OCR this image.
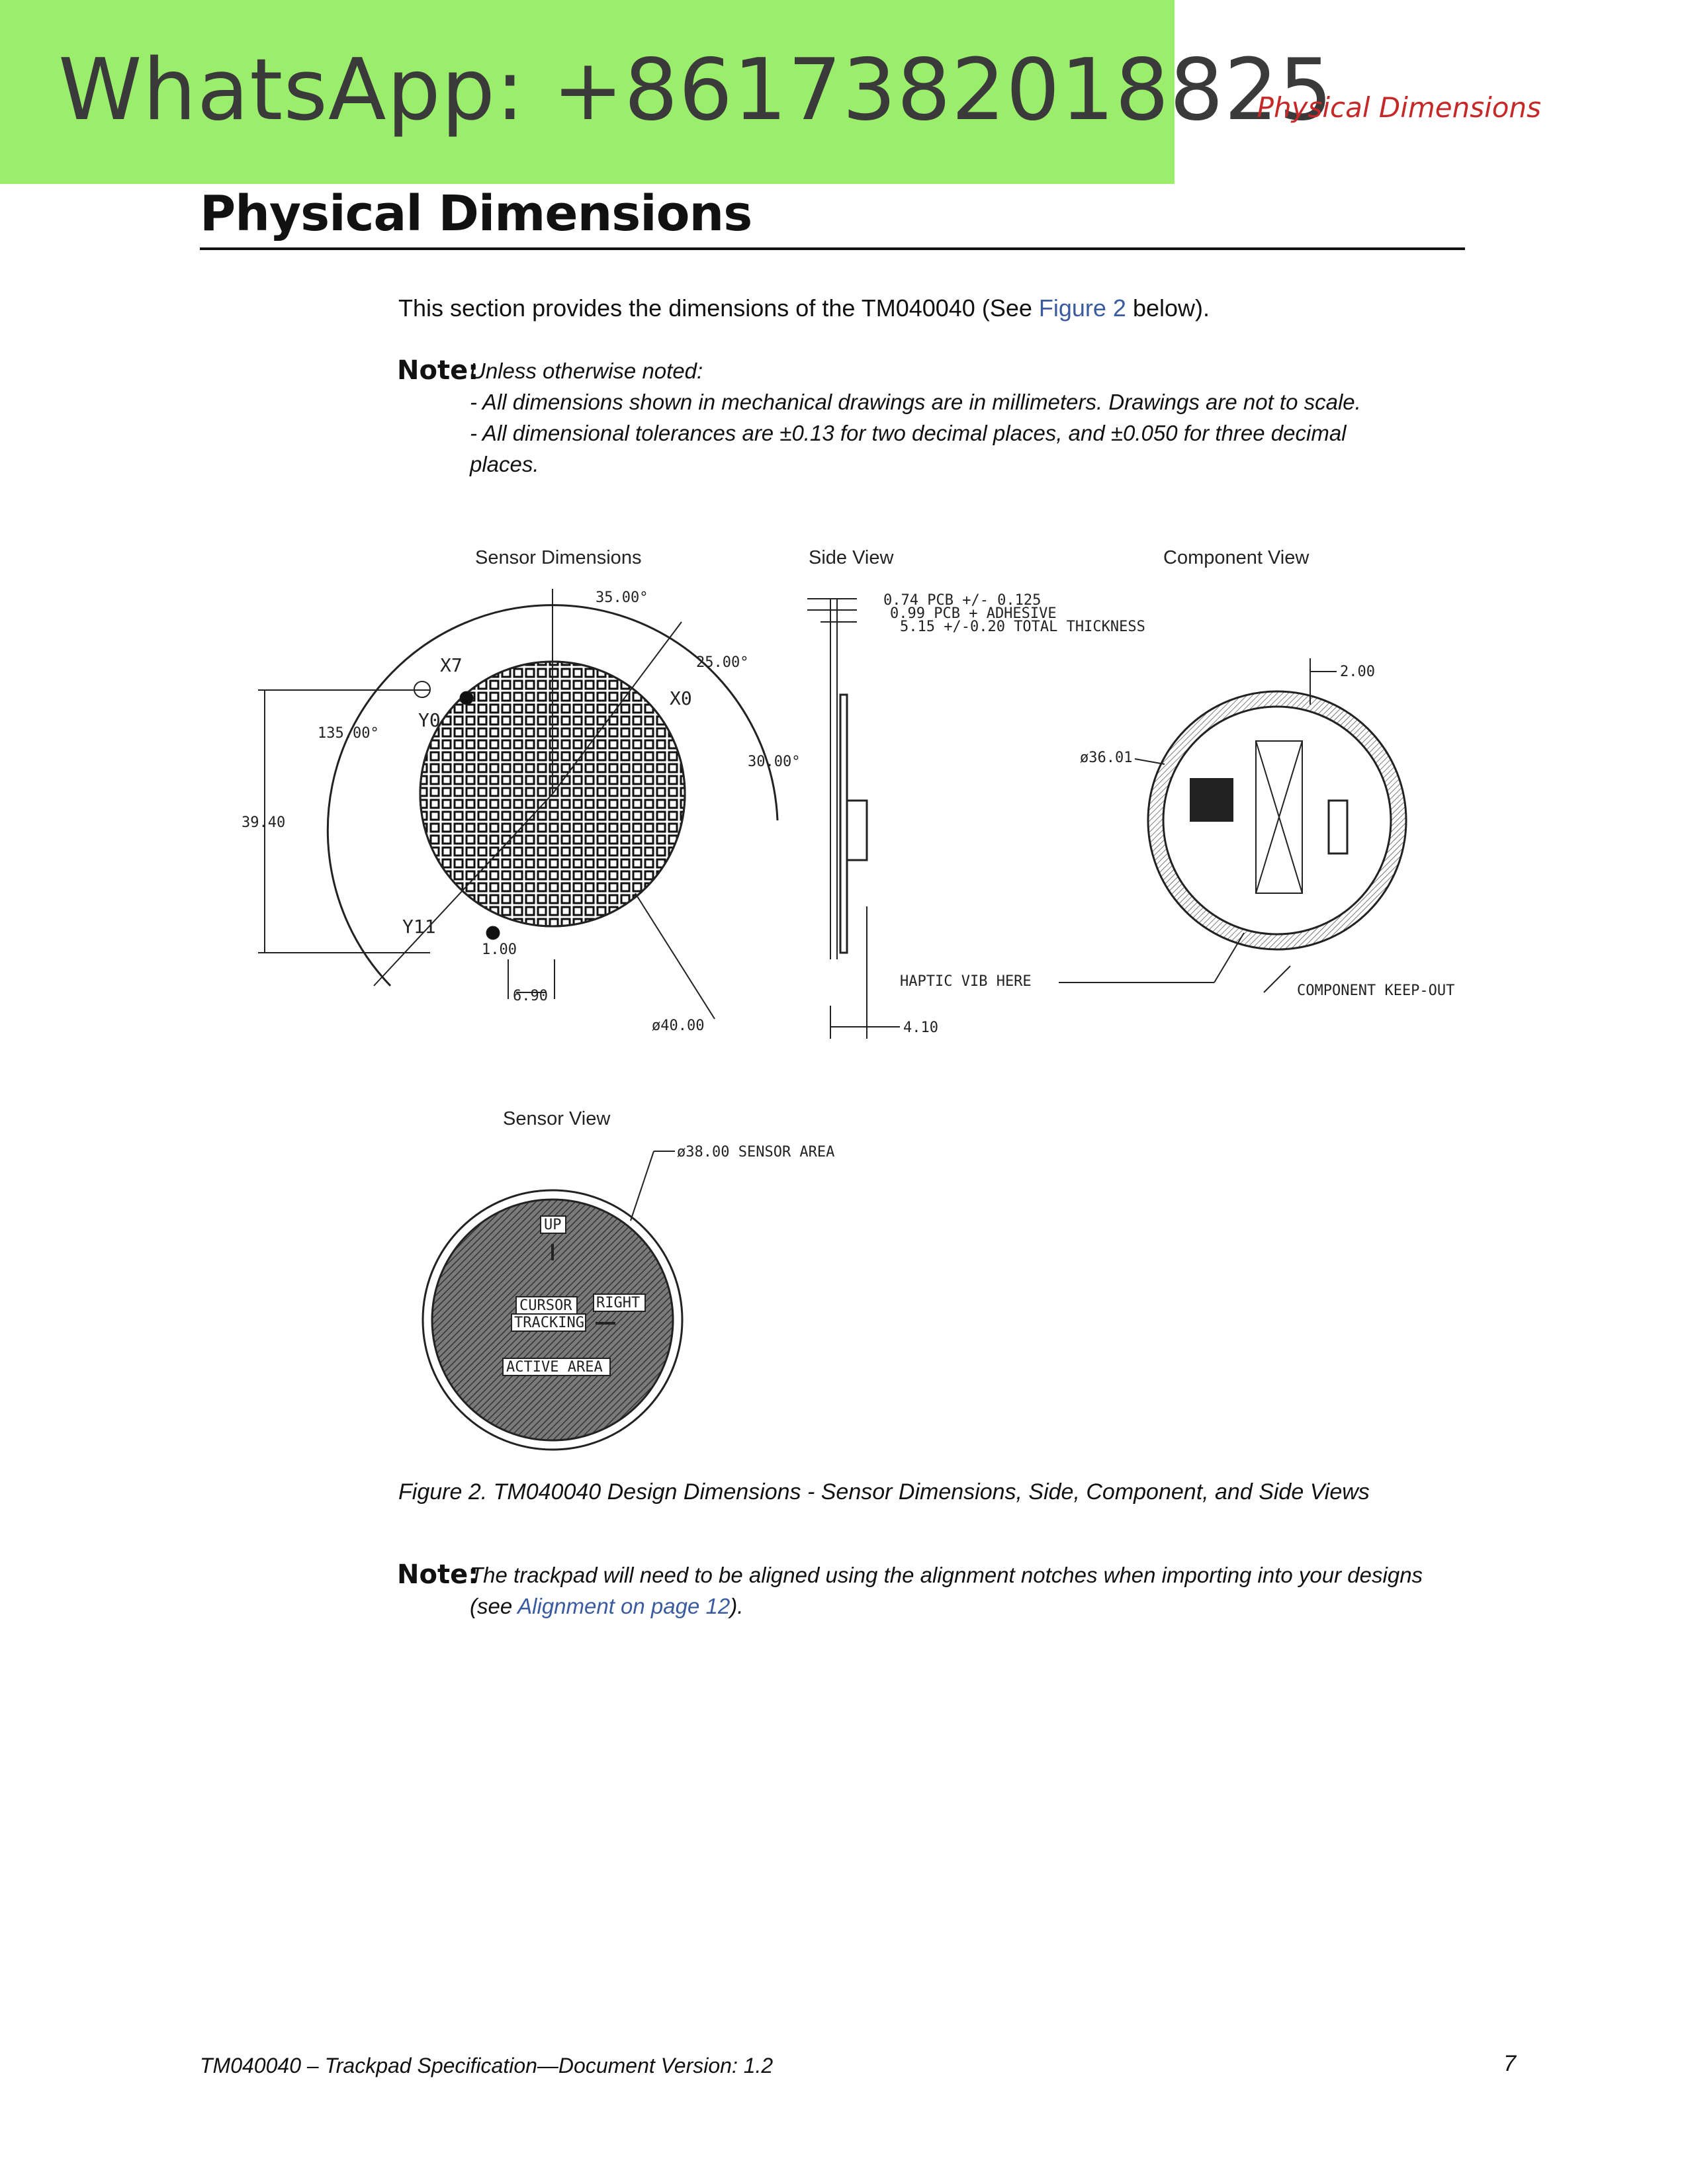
WhatsApp: +8617382018825
Physical Dimensions
Physical Dimensions
This section provides the dimensions of the TM040040 (See Figure 2 below).
Note:
Unless otherwise noted:
- All dimensions shown in mechanical drawings are in millimeters. Drawings are not to scale.
- All dimensional tolerances are ±0.13 for two decimal places, and ±0.050 for three decimal
places.
Sensor Dimensions	Side View	Component View
35.00°
25.00°
30.00°
135.00°
39.40
1.00
6.90
ø40.00
X7
X0
Y0
Y11
0.74 PCB +/- 0.125
0.99 PCB + ADHESIVE
5.15 +/-0.20 TOTAL THICKNESS
4.10
2.00
ø36.01
HAPTIC VIB HERE
COMPONENT KEEP-OUT
Sensor View
ø38.00 SENSOR AREA
UP
CURSOR
TRACKING
RIGHT
ACTIVE AREA
Figure 2. TM040040 Design Dimensions - Sensor Dimensions, Side, Component, and Side Views
Note:
The trackpad will need to be aligned using the alignment notches when importing into your designs
(see Alignment on page 12).
TM040040 – Trackpad Specification—Document Version: 1.2	7
